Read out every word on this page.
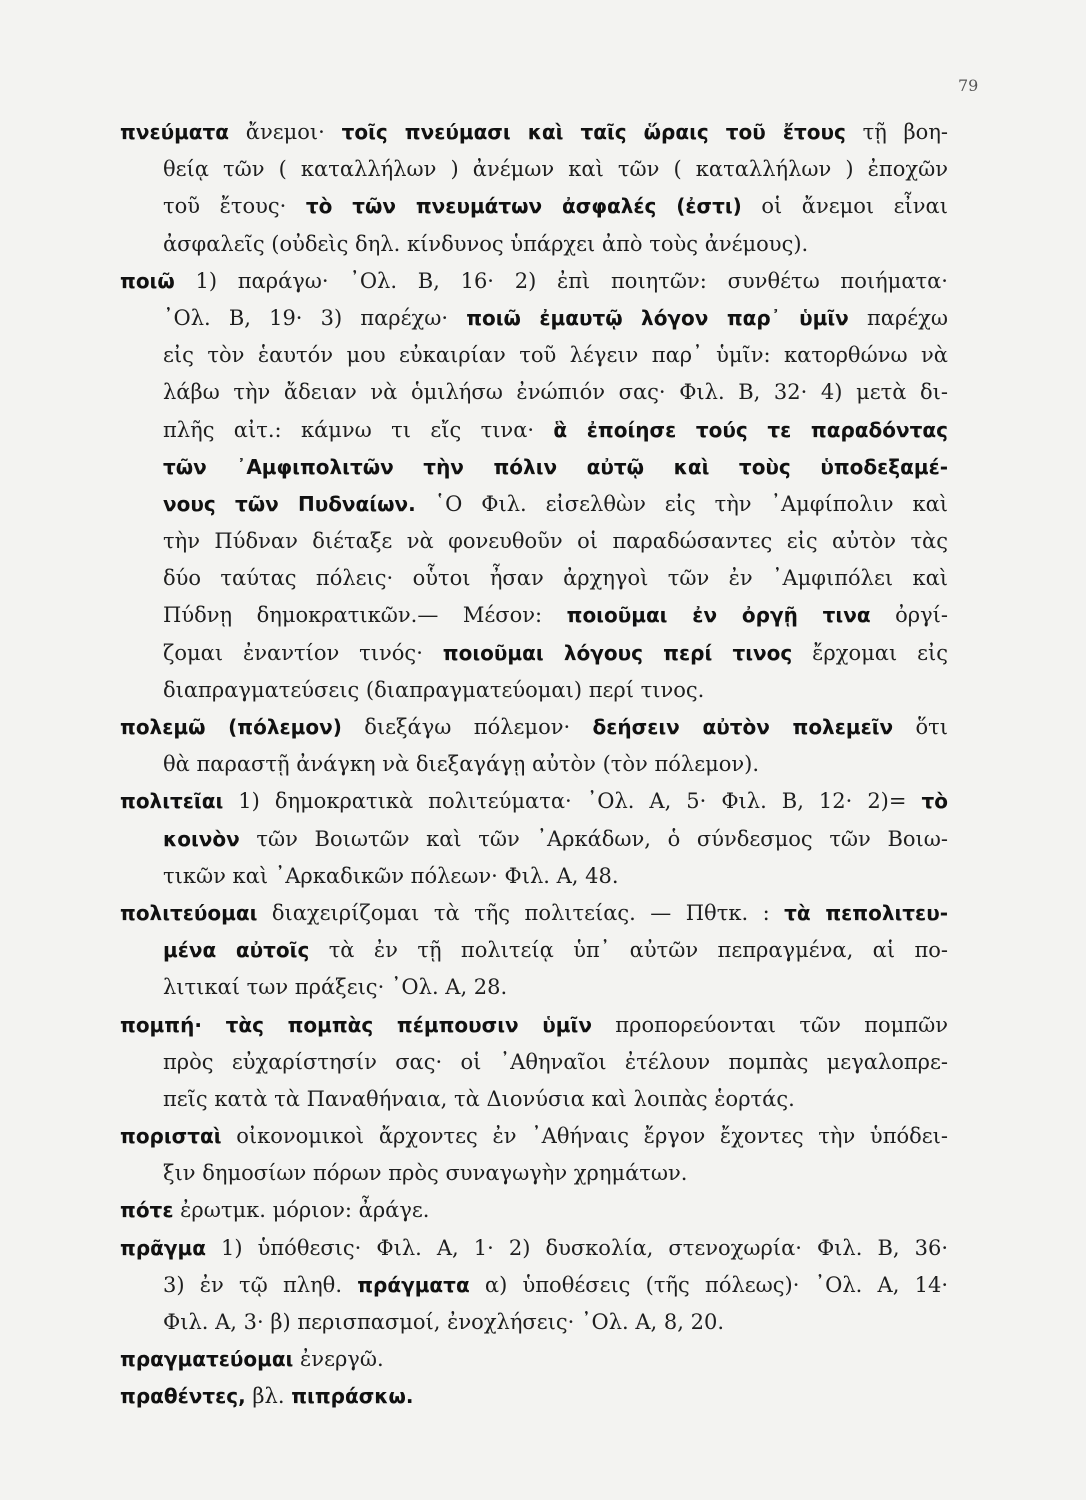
79
πνεύματα ἄνεμοι· τοῖς πνεύμασι καὶ ταῖς ὥραις τοῦ ἔτους τῇ βοη-
θείᾳ τῶν ( καταλλήλων ) ἀνέμων καὶ τῶν ( καταλλήλων ) ἐποχῶν
τοῦ ἔτους· τὸ τῶν πνευμάτων ἀσφαλές (ἐστι) οἱ ἄνεμοι εἶναι
ἀσφαλεῖς (οὐδεὶς δηλ. κίνδυνος ὑπάρχει ἀπὸ τοὺς ἀνέμους).
ποιῶ 1) παράγω· ᾿Ολ. Β, 16· 2) ἐπὶ ποιητῶν: συνθέτω ποιήματα·
᾿Ολ. Β, 19· 3) παρέχω· ποιῶ ἐμαυτῷ λόγον παρ᾿ ὑμῖν παρέχω
εἰς τὸν ἑαυτόν μου εὐκαιρίαν τοῦ λέγειν παρ᾿ ὑμῖν: κατορθώνω νὰ
λάβω τὴν ἄδειαν νὰ ὁμιλήσω ἐνώπιόν σας· Φιλ. Β, 32· 4) μετὰ δι-
πλῆς αἰτ.: κάμνω τι εἴς τινα· ἃ ἐποίησε τούς τε παραδόντας
τῶν ᾿Αμφιπολιτῶν τὴν πόλιν αὐτῷ καὶ τοὺς ὑποδεξαμέ-
νους τῶν Πυδναίων. ῾Ο Φιλ. εἰσελθὼν εἰς τὴν ᾿Αμφίπολιν καὶ
τὴν Πύδναν διέταξε νὰ φονευθοῦν οἱ παραδώσαντες εἰς αὐτὸν τὰς
δύο ταύτας πόλεις· οὗτοι ἦσαν ἀρχηγοὶ τῶν ἐν ᾿Αμφιπόλει καὶ
Πύδνῃ δημοκρατικῶν.— Μέσον: ποιοῦμαι ἐν ὀργῇ τινα ὀργί-
ζομαι ἐναντίον τινός· ποιοῦμαι λόγους περί τινος ἔρχομαι εἰς
διαπραγματεύσεις (διαπραγματεύομαι) περί τινος.
πολεμῶ (πόλεμον) διεξάγω πόλεμον· δεήσειν αὐτὸν πολεμεῖν ὅτι
θὰ παραστῇ ἀνάγκη νὰ διεξαγάγῃ αὐτὸν (τὸν πόλεμον).
πολιτεῖαι 1) δημοκρατικὰ πολιτεύματα· ᾿Ολ. Α, 5· Φιλ. Β, 12· 2)= τὸ
κοινὸν τῶν Βοιωτῶν καὶ τῶν ᾿Αρκάδων, ὁ σύνδεσμος τῶν Βοιω-
τικῶν καὶ ᾿Αρκαδικῶν πόλεων· Φιλ. Α, 48.
πολιτεύομαι διαχειρίζομαι τὰ τῆς πολιτείας. — Πθτκ. : τὰ πεπολιτευ-
μένα αὐτοῖς τὰ ἐν τῇ πολιτείᾳ ὑπ᾿ αὐτῶν πεπραγμένα, αἱ πο-
λιτικαί των πράξεις· ᾿Ολ. Α, 28.
πομπή· τὰς πομπὰς πέμπουσιν ὑμῖν προπορεύονται τῶν πομπῶν
πρὸς εὐχαρίστησίν σας· οἱ ᾿Αθηναῖοι ἐτέλουν πομπὰς μεγαλοπρε-
πεῖς κατὰ τὰ Παναθήναια, τὰ Διονύσια καὶ λοιπὰς ἑορτάς.
πορισταὶ οἰκονομικοὶ ἄρχοντες ἐν ᾿Αθήναις ἔργον ἔχοντες τὴν ὑπόδει-
ξιν δημοσίων πόρων πρὸς συναγωγὴν χρημάτων.
πότε ἐρωτμκ. μόριον: ἆράγε.
πρᾶγμα 1) ὑπόθεσις· Φιλ. Α, 1· 2) δυσκολία, στενοχωρία· Φιλ. Β, 36·
3) ἐν τῷ πληθ. πράγματα α) ὑποθέσεις (τῆς πόλεως)· ᾿Ολ. Α, 14·
Φιλ. Α, 3· β) περισπασμοί, ἐνοχλήσεις· ᾿Ολ. Α, 8, 20.
πραγματεύομαι ἐνεργῶ.
πραθέντες, βλ. πιπράσκω.
